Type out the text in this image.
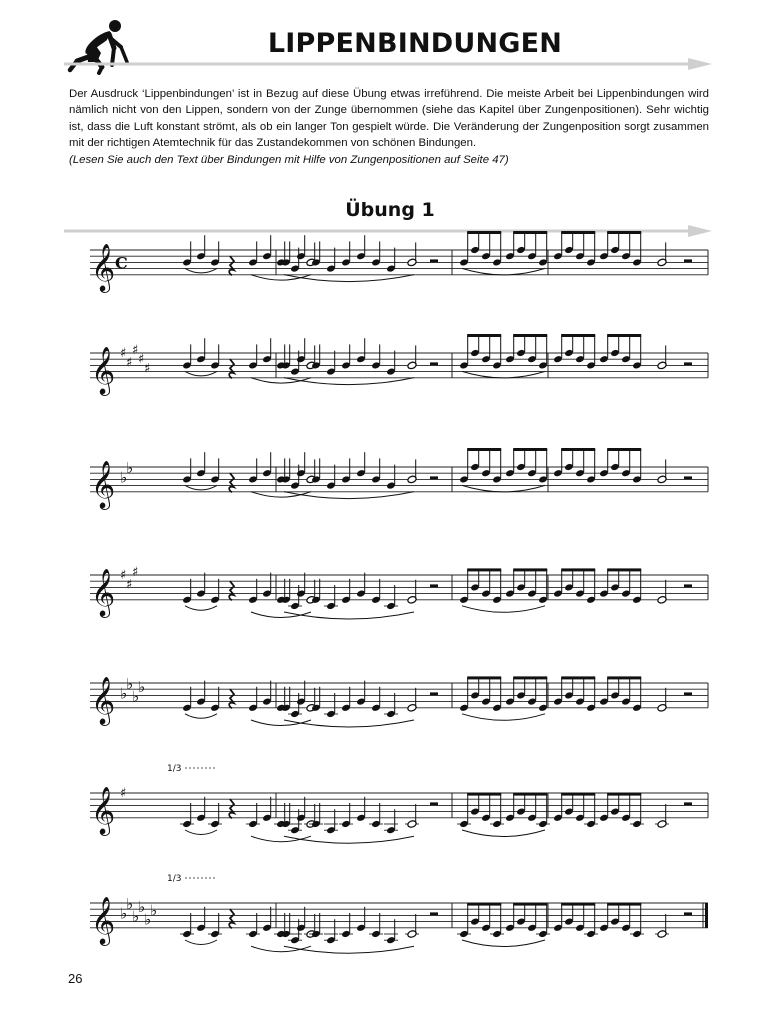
LIPPENBINDUNGEN

Der Ausdruck ‘Lippenbindungen’ ist in Bezug auf diese Übung etwas irreführend. Die meiste Arbeit bei Lippenbindungen wird nämlich nicht von den Lippen, sondern von der Zunge übernommen (siehe das Kapitel über Zungenpositionen). Sehr wichtig ist, dass die Luft konstant strömt, als ob ein langer Ton gespielt würde. Die Veränderung der Zungenposition sorgt zusammen mit der richtigen Atemtechnik für das Zustandekommen von schönen Bindungen.

(Lesen Sie auch den Text über Bindungen mit Hilfe von Zungenpositionen auf Seite 47)

Übung 1
𝄞 C
𝄞 ♯
♯
♯
♯
♯
𝄞 ♭
♭
𝄞 ♯
♯
♯
𝄞 ♭
♭
♭
♭
𝄞 ♯
1/3
𝄞 ♭
♭
♭
♭
♭
♭
1/3
26
